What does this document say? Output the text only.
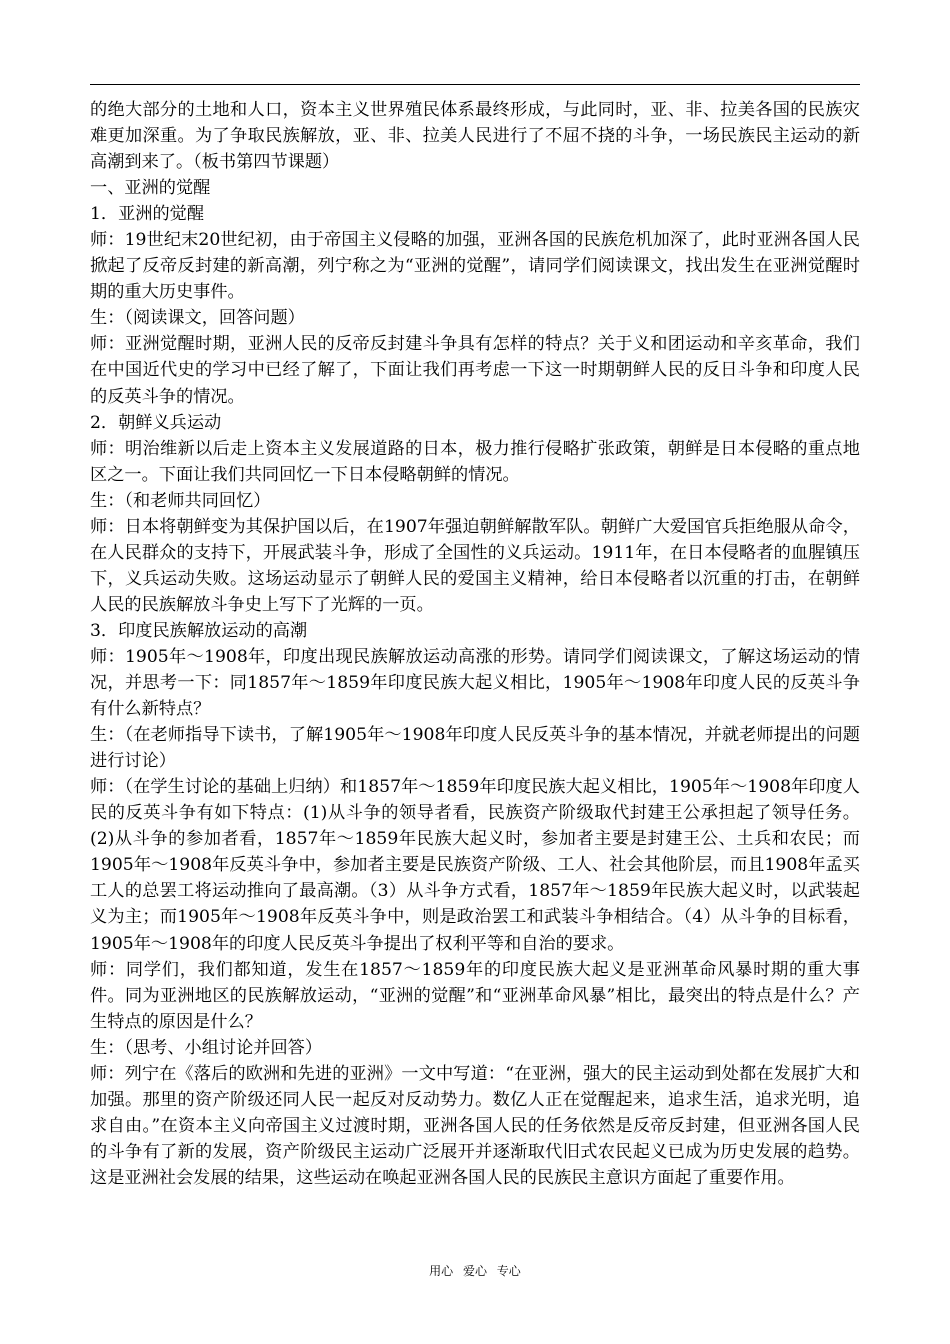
的绝大部分的土地和人口，资本主义世界殖民体系最终形成，与此同时，亚、非、拉美各国的民族灾难更加深重。为了争取民族解放，亚、非、拉美人民进行了不屈不挠的斗争，一场民族民主运动的新高潮到来了。（板书第四节课题）

一、亚洲的觉醒

1．亚洲的觉醒

师：19世纪末20世纪初，由于帝国主义侵略的加强，亚洲各国的民族危机加深了，此时亚洲各国人民掀起了反帝反封建的新高潮，列宁称之为“亚洲的觉醒”，请同学们阅读课文，找出发生在亚洲觉醒时期的重大历史事件。

生：（阅读课文，回答问题）

师：亚洲觉醒时期，亚洲人民的反帝反封建斗争具有怎样的特点？关于义和团运动和辛亥革命，我们在中国近代史的学习中已经了解了，下面让我们再考虑一下这一时期朝鲜人民的反日斗争和印度人民的反英斗争的情况。

2．朝鲜义兵运动

师：明治维新以后走上资本主义发展道路的日本，极力推行侵略扩张政策，朝鲜是日本侵略的重点地区之一。下面让我们共同回忆一下日本侵略朝鲜的情况。

生：（和老师共同回忆）

师：日本将朝鲜变为其保护国以后，在1907年强迫朝鲜解散军队。朝鲜广大爱国官兵拒绝服从命令，在人民群众的支持下，开展武装斗争，形成了全国性的义兵运动。1911年，在日本侵略者的血腥镇压下，义兵运动失败。这场运动显示了朝鲜人民的爱国主义精神，给日本侵略者以沉重的打击，在朝鲜人民的民族解放斗争史上写下了光辉的一页。

3．印度民族解放运动的高潮

师：1905年～1908年，印度出现民族解放运动高涨的形势。请同学们阅读课文，了解这场运动的情况，并思考一下：同1857年～1859年印度民族大起义相比，1905年～1908年印度人民的反英斗争有什么新特点？

生：（在老师指导下读书，了解1905年～1908年印度人民反英斗争的基本情况，并就老师提出的问题进行讨论）

师：（在学生讨论的基础上归纳）和1857年～1859年印度民族大起义相比，1905年～1908年印度人民的反英斗争有如下特点：(1)从斗争的领导者看，民族资产阶级取代封建王公承担起了领导任务。(2)从斗争的参加者看，1857年～1859年民族大起义时，参加者主要是封建王公、土兵和农民；而1905年～1908年反英斗争中，参加者主要是民族资产阶级、工人、社会其他阶层，而且1908年孟买工人的总罢工将运动推向了最高潮。（3）从斗争方式看，1857年～1859年民族大起义时，以武装起义为主；而1905年～1908年反英斗争中，则是政治罢工和武装斗争相结合。（4）从斗争的目标看，1905年～1908年的印度人民反英斗争提出了权利平等和自治的要求。

师：同学们，我们都知道，发生在1857～1859年的印度民族大起义是亚洲革命风暴时期的重大事件。同为亚洲地区的民族解放运动，“亚洲的觉醒”和“亚洲革命风暴”相比，最突出的特点是什么？产生特点的原因是什么？

生：（思考、小组讨论并回答）

师：列宁在《落后的欧洲和先进的亚洲》一文中写道：“在亚洲，强大的民主运动到处都在发展扩大和加强。那里的资产阶级还同人民一起反对反动势力。数亿人正在觉醒起来，追求生活，追求光明，追求自由。”在资本主义向帝国主义过渡时期，亚洲各国人民的任务依然是反帝反封建，但亚洲各国人民的斗争有了新的发展，资产阶级民主运动广泛展开并逐渐取代旧式农民起义已成为历史发展的趋势。这是亚洲社会发展的结果，这些运动在唤起亚洲各国人民的民族民主意识方面起了重要作用。

用心 爱心 专心
